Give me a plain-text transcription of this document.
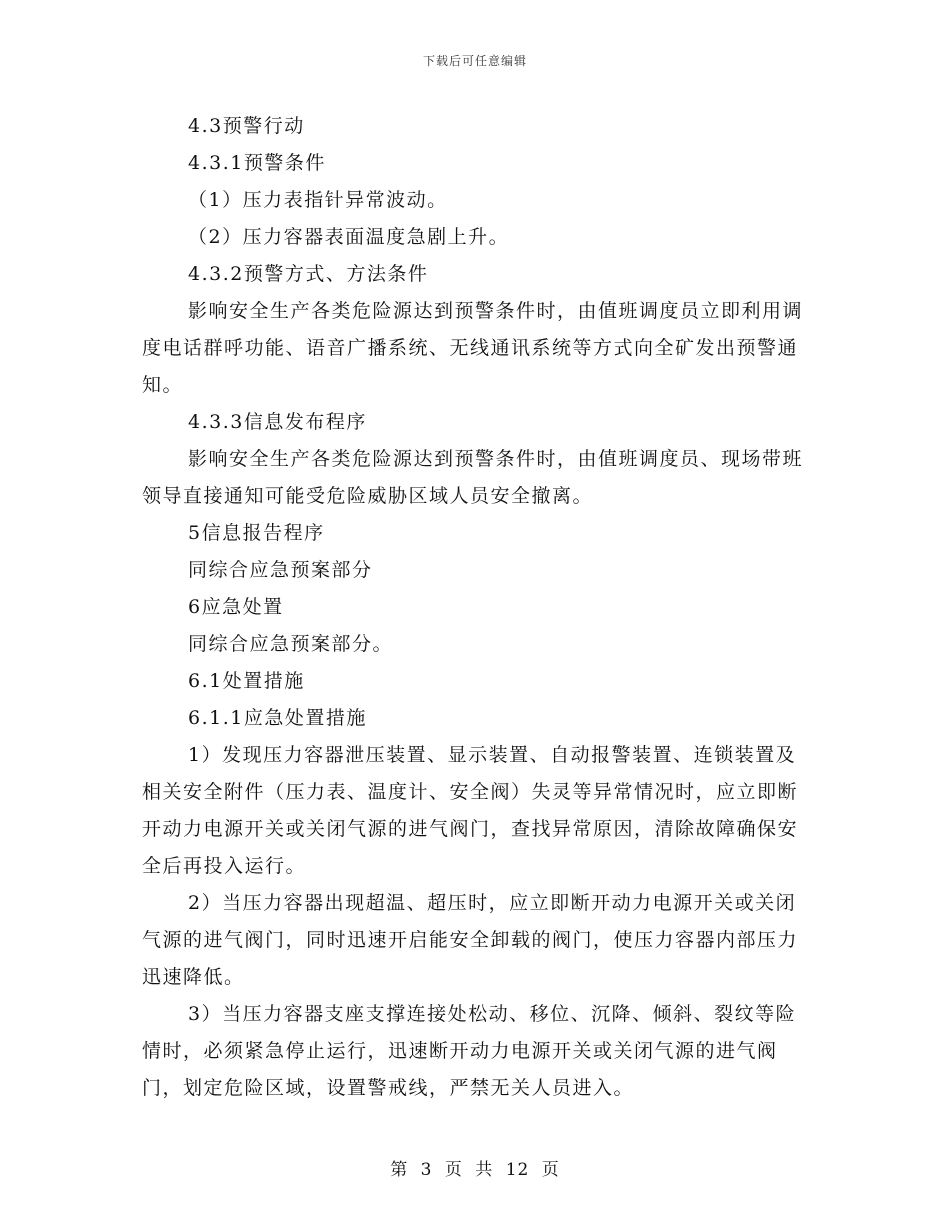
下载后可任意编辑

4.3预警行动

4.3.1预警条件

（1）压力表指针异常波动。

（2）压力容器表面温度急剧上升。

4.3.2预警方式、方法条件

影响安全生产各类危险源达到预警条件时，由值班调度员立即利用调度电话群呼功能、语音广播系统、无线通讯系统等方式向全矿发出预警通知。

4.3.3信息发布程序

影响安全生产各类危险源达到预警条件时，由值班调度员、现场带班领导直接通知可能受危险威胁区域人员安全撤离。

5信息报告程序

同综合应急预案部分

6应急处置

同综合应急预案部分。

6.1处置措施

6.1.1应急处置措施

1）发现压力容器泄压装置、显示装置、自动报警装置、连锁装置及相关安全附件（压力表、温度计、安全阀）失灵等异常情况时，应立即断开动力电源开关或关闭气源的进气阀门，查找异常原因，清除故障确保安全后再投入运行。

2）当压力容器出现超温、超压时，应立即断开动力电源开关或关闭气源的进气阀门，同时迅速开启能安全卸载的阀门，使压力容器内部压力迅速降低。

3）当压力容器支座支撑连接处松动、移位、沉降、倾斜、裂纹等险情时，必须紧急停止运行，迅速断开动力电源开关或关闭气源的进气阀门，划定危险区域，设置警戒线，严禁无关人员进入。

第 3 页 共 12 页
